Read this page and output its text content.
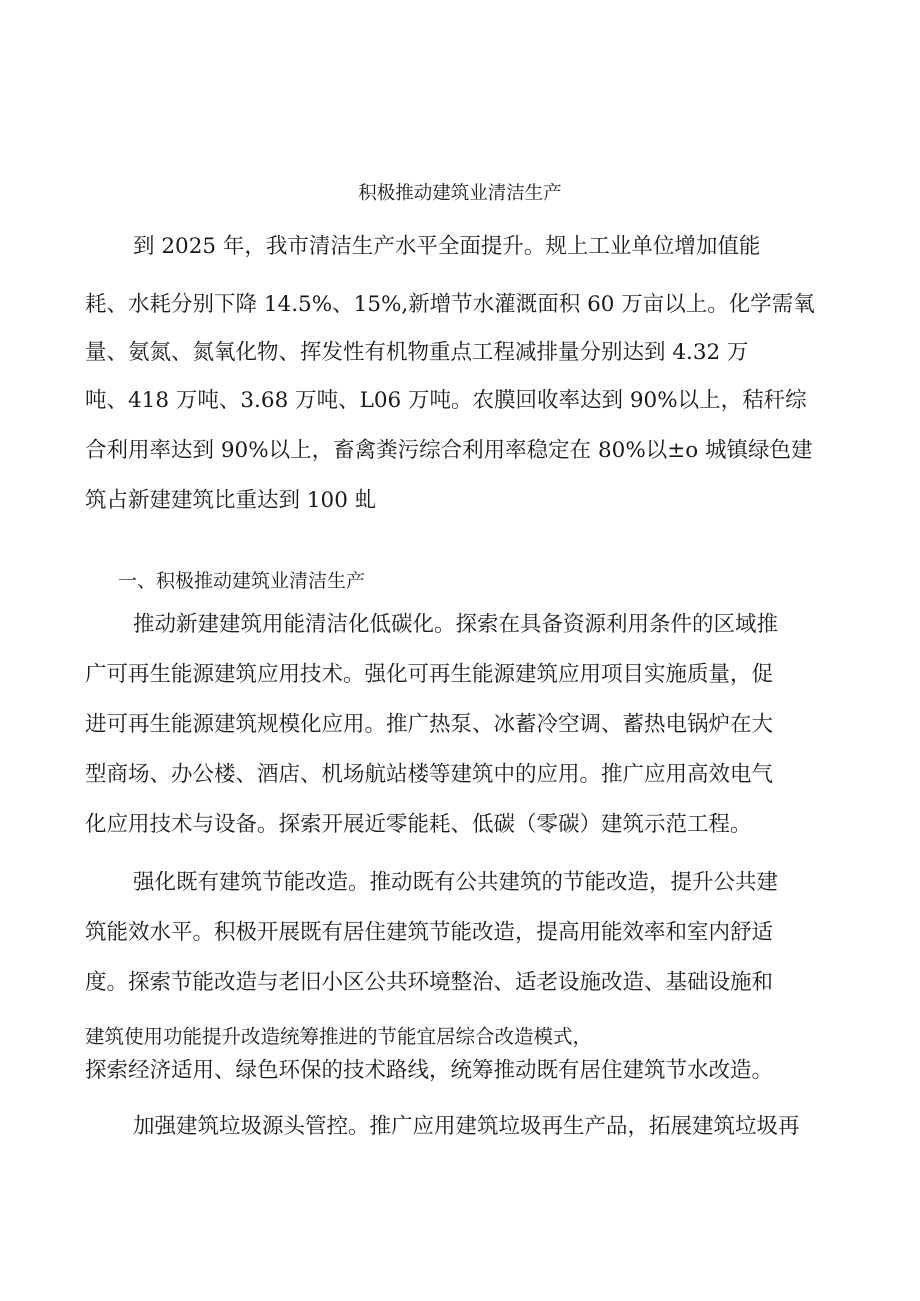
积极推动建筑业清洁生产
到 2025 年，我市清洁生产水平全面提升。规上工业单位增加值能
耗、水耗分别下降 14.5%、15%,新增节水灌溉面积 60 万亩以上。化学需氧
量、氨氮、氮氧化物、挥发性有机物重点工程减排量分别达到 4.32 万
吨、418 万吨、3.68 万吨、L06 万吨。农膜回收率达到 90%以上，秸秆综
合利用率达到 90%以上，畜禽粪污综合利用率稳定在 80%以±o 城镇绿色建
筑占新建建筑比重达到 100 虬
一、积极推动建筑业清洁生产
推动新建建筑用能清洁化低碳化。探索在具备资源利用条件的区域推
广可再生能源建筑应用技术。强化可再生能源建筑应用项目实施质量，促
进可再生能源建筑规模化应用。推广热泵、冰蓄冷空调、蓄热电锅炉在大
型商场、办公楼、酒店、机场航站楼等建筑中的应用。推广应用高效电气
化应用技术与设备。探索开展近零能耗、低碳（零碳）建筑示范工程。
强化既有建筑节能改造。推动既有公共建筑的节能改造，提升公共建
筑能效水平。积极开展既有居住建筑节能改造，提高用能效率和室内舒适
度。探索节能改造与老旧小区公共环境整治、适老设施改造、基础设施和
建筑使用功能提升改造统筹推进的节能宜居综合改造模式，
探索经济适用、绿色环保的技术路线，统筹推动既有居住建筑节水改造。
加强建筑垃圾源头管控。推广应用建筑垃圾再生产品，拓展建筑垃圾再
